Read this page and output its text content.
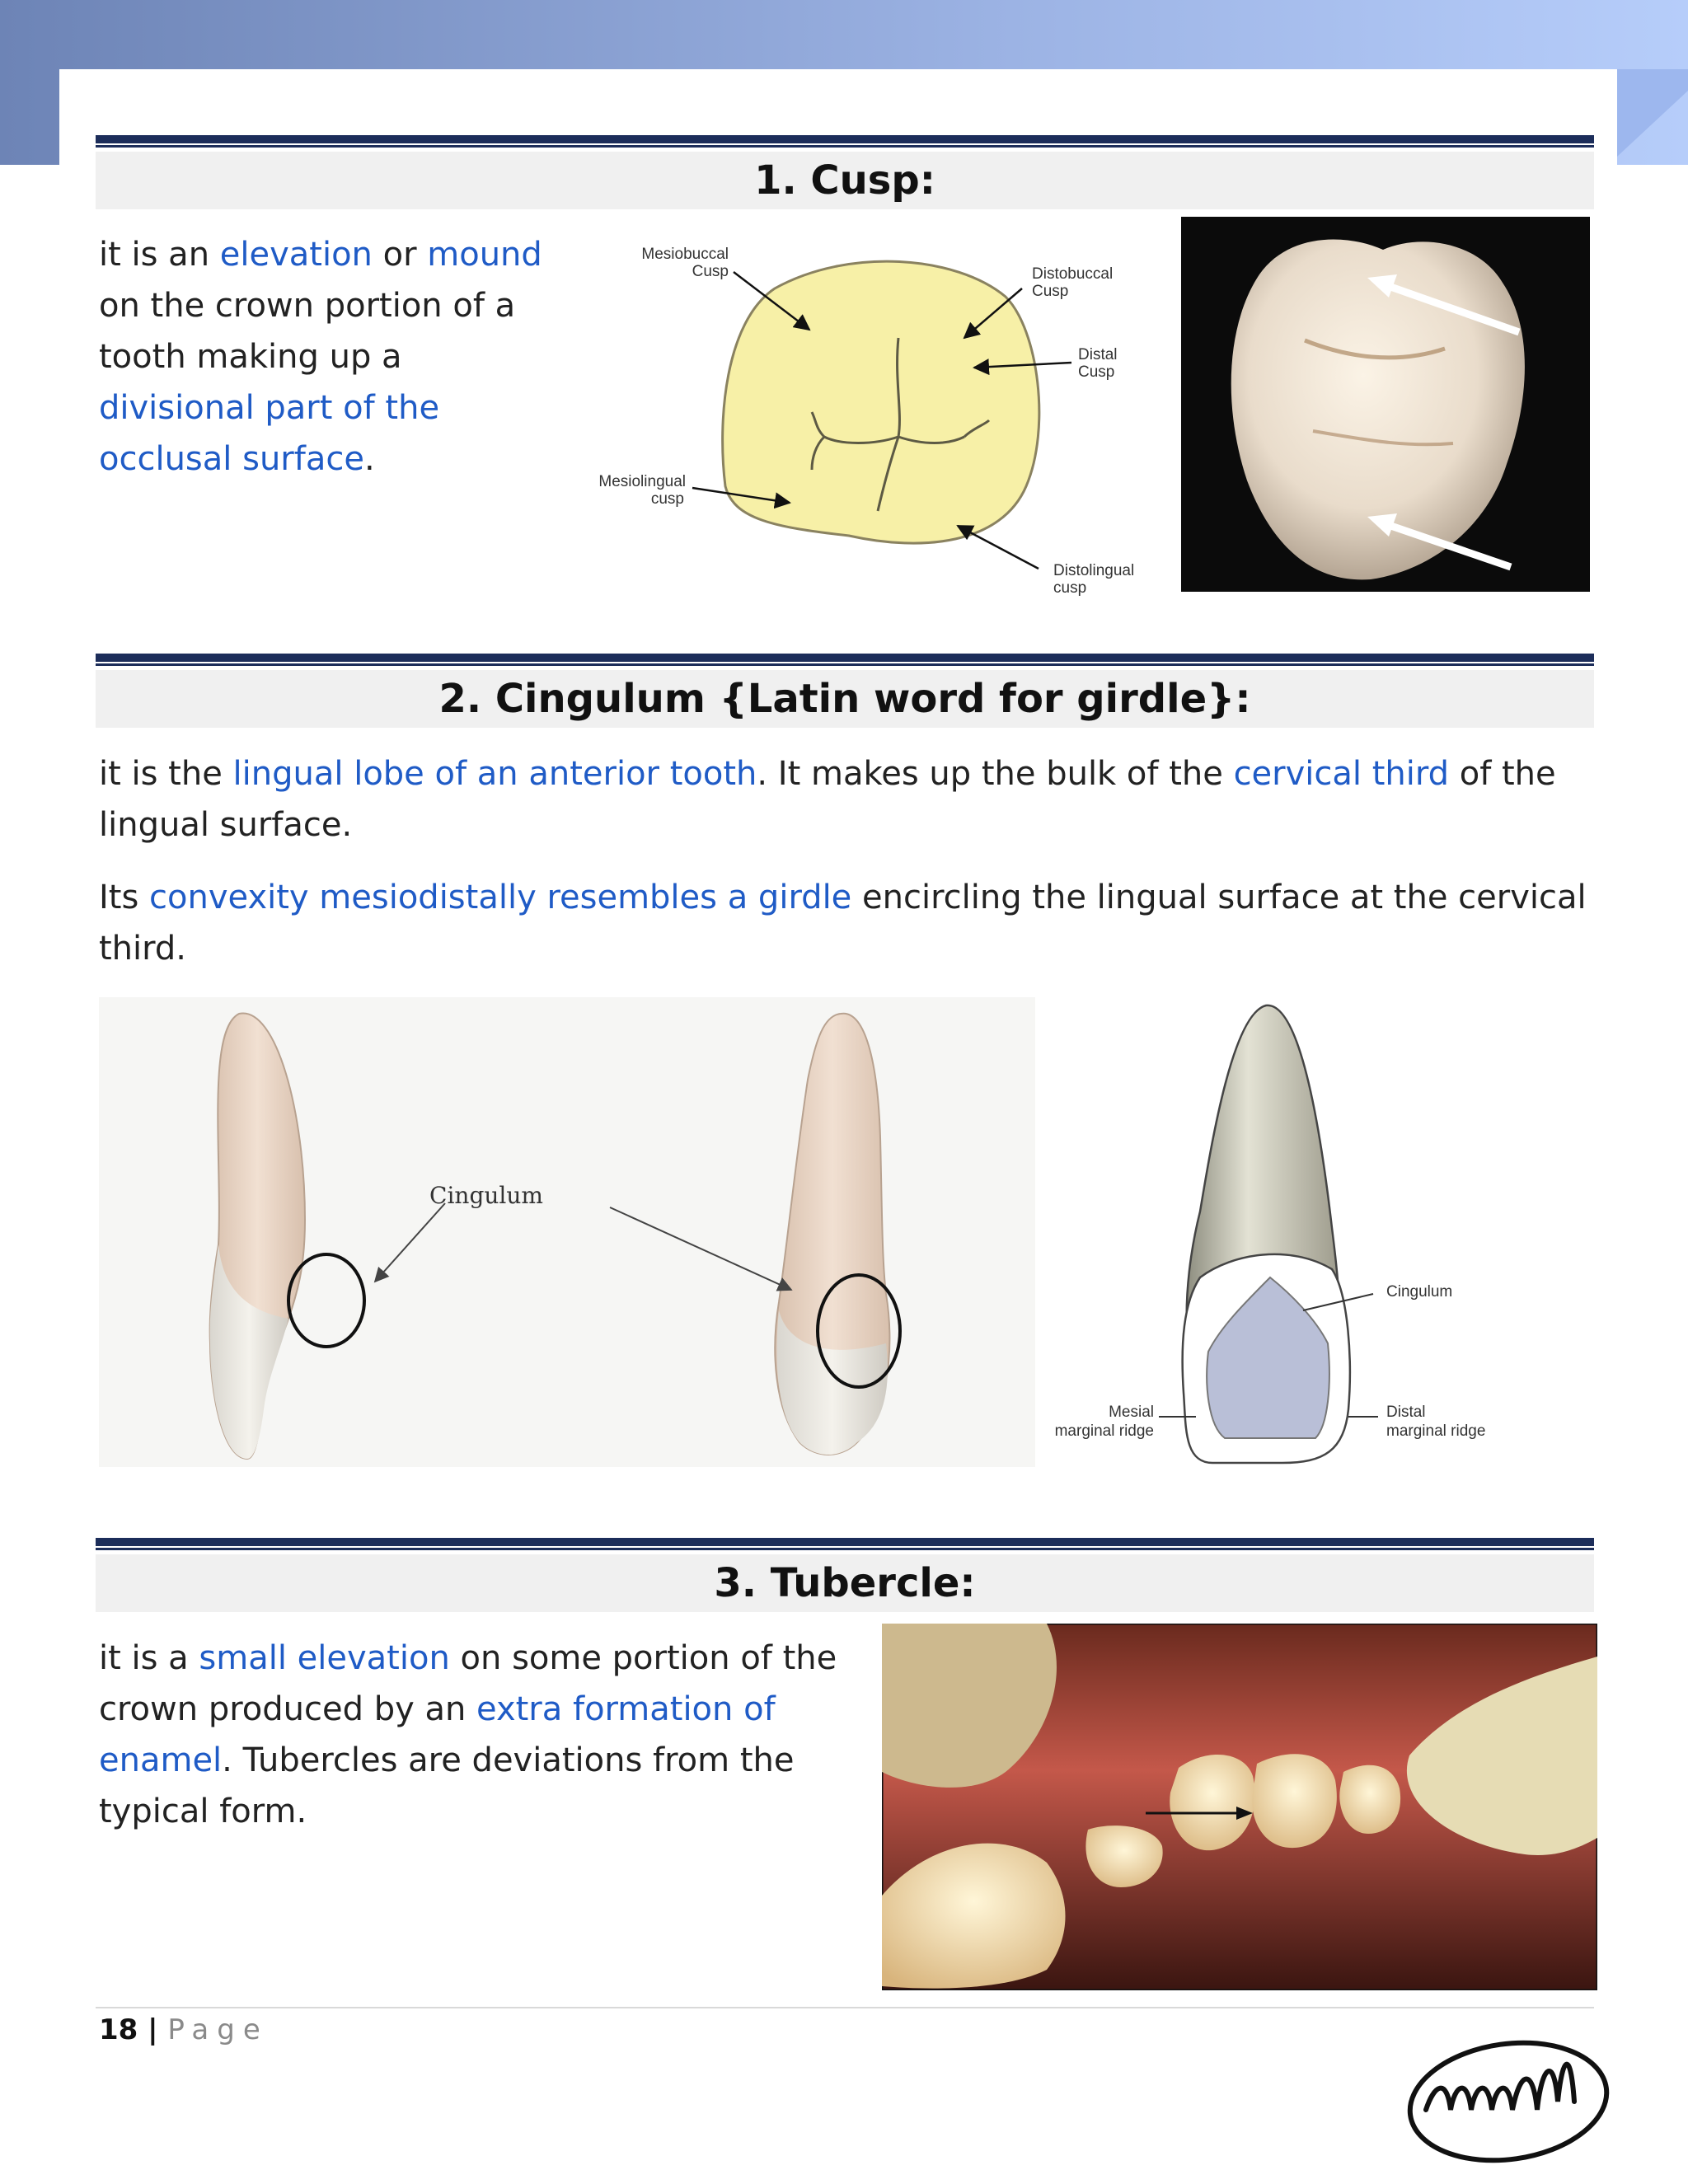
1. Cusp:
it is an elevation or mound on the crown portion of a tooth making up a divisional part of the occlusal surface.
Mesiobuccal
Cusp	Distobuccal
Cusp
Distal
Cusp
Mesiolingual
cusp
Distolingual
cusp
2. Cingulum {Latin word for girdle}:

it is the lingual lobe of an anterior tooth. It makes up the bulk of the cervical third of the lingual surface.

Its convexity mesiodistally resembles a girdle encircling the lingual surface at the cervical third.

Cingulum
Cingulum
Mesial
marginal ridge
Distal
marginal ridge
3. Tubercle:
it is a small elevation on some portion of the crown produced by an extra formation of enamel. Tubercles are deviations from the typical form.
18 | Page
